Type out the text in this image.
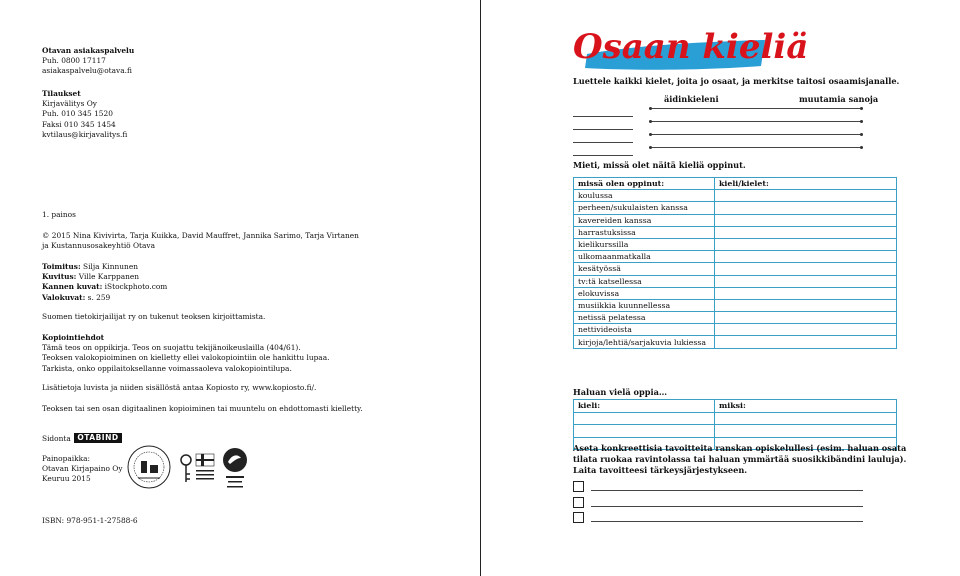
Otavan asiakaspalvelu
Puh. 0800 17117
asiakaspalvelu@otava.fi
Tilaukset
Kirjavälitys Oy
Puh. 010 345 1520
Faksi 010 345 1454
kvtilaus@kirjavalitys.fi
1. painos
© 2015 Nina Kivivirta, Tarja Kuikka, David Mauffret, Jannika Sarimo, Tarja Virtanen
ja Kustannusosakeyhtiö Otava
Toimitus: Silja Kinnunen
Kuvitus: Ville Karppanen
Kannen kuvat: iStockphoto.com
Valokuvat: s. 259
Suomen tietokirjailijat ry on tukenut teoksen kirjoittamista.
Kopiointiehdot
Tämä teos on oppikirja. Teos on suojattu tekijänoikeuslailla (404/61).
Teoksen valokopioiminen on kielletty ellei valokopiointiin ole hankittu lupaa.
Tarkista, onko oppilaitoksellanne voimassaoleva valokopiointilupa.
Lisätietoja luvista ja niiden sisällöstä antaa Kopiosto ry, www.kopiosto.fi/.
Teoksen tai sen osan digitaalinen kopioiminen tai muuntelu on ehdottomasti kielletty.
Sidonta OTABIND
Painopaikka:
Otavan Kirjapaino Oy
Keuruu 2015
ISBN: 978-951-1-27588-6
Osaan kieliä
Luettele kaikki kielet, joita jo osaat, ja merkitse taitosi osaamisjanalle.
äidinkieleni	muutamia sanoja
Mieti, missä olet näitä kieliä oppinut.
missä olen oppinut:	kieli/kielet:
koulussa	
perheen/sukulaisten kanssa	
kavereiden kanssa	
harrastuksissa	
kielikurssilla	
ulkomaanmatkalla	
kesätyössä	
tv:tä katsellessa	
elokuvissa	
musiikkia kuunnellessa	
netissä pelatessa	
nettivideoista	
kirjoja/lehtiä/sarjakuvia lukiessa	
Haluan vielä oppia…
kieli:	miksi:

Aseta konkreettisia tavoitteita ranskan opiskelullesi (esim. haluan osata
tilata ruokaa ravintolassa tai haluan ymmärtää suosikkibändini lauluja).
Laita tavoitteesi tärkeysjärjestykseen.
